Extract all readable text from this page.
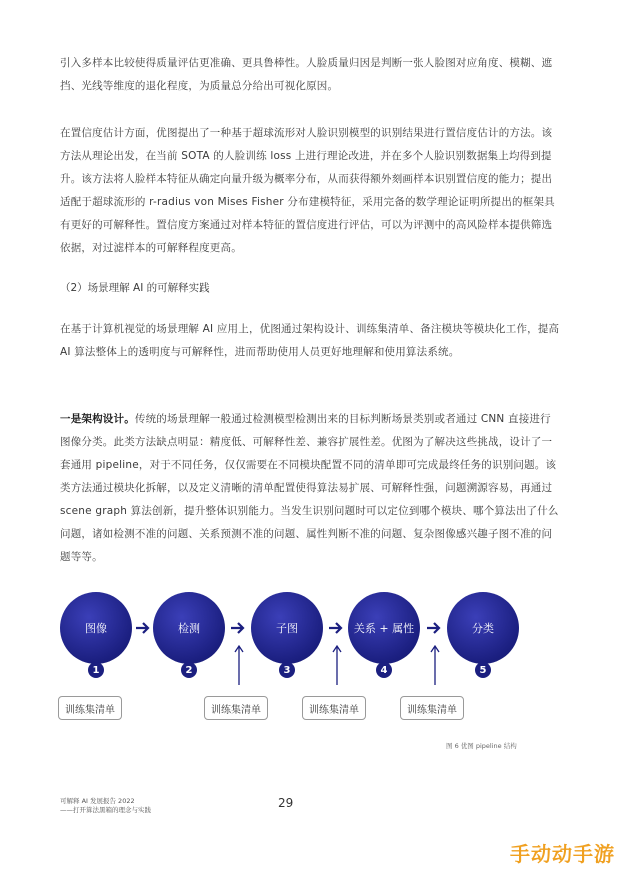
引入多样本比较使得质量评估更准确、更具鲁棒性。人脸质量归因是判断一张人脸图对应角度、模糊、遮挡、光线等维度的退化程度，为质量总分给出可视化原因。

在置信度估计方面，优图提出了一种基于超球流形对人脸识别模型的识别结果进行置信度估计的方法。该方法从理论出发，在当前 SOTA 的人脸训练 loss 上进行理论改进，并在多个人脸识别数据集上均得到提升。该方法将人脸样本特征从确定向量升级为概率分布，从而获得额外刻画样本识别置信度的能力；提出适配于超球流形的 r-radius von Mises Fisher 分布建模特征，采用完备的数学理论证明所提出的框架具有更好的可解释性。置信度方案通过对样本特征的置信度进行评估，可以为评测中的高风险样本提供筛选依据，对过滤样本的可解释程度更高。

（2）场景理解 AI 的可解释实践

在基于计算机视觉的场景理解 AI 应用上，优图通过架构设计、训练集清单、备注模块等模块化工作，提高 AI 算法整体上的透明度与可解释性，进而帮助使用人员更好地理解和使用算法系统。

一是架构设计。传统的场景理解一般通过检测模型检测出来的目标判断场景类别或者通过 CNN 直接进行图像分类。此类方法缺点明显：精度低、可解释性差、兼容扩展性差。优图为了解决这些挑战，设计了一套通用 pipeline，对于不同任务，仅仅需要在不同模块配置不同的清单即可完成最终任务的识别问题。该类方法通过模块化拆解，以及定义清晰的清单配置使得算法易扩展、可解释性强，问题溯源容易，再通过 scene graph 算法创新，提升整体识别能力。当发生识别问题时可以定位到哪个模块、哪个算法出了什么问题，诸如检测不准的问题、关系预测不准的问题、属性判断不准的问题、复杂图像感兴趣子图不准的问题等等。

图像	检测	子图	关系 + 属性	分类
1	2	3	4	5
训练集清单	训练集清单	训练集清单	训练集清单
图 6 优图 pipeline 结构
可解释 AI 发展报告 2022
——打开算法黑箱的理念与实践	29
手动动手游
